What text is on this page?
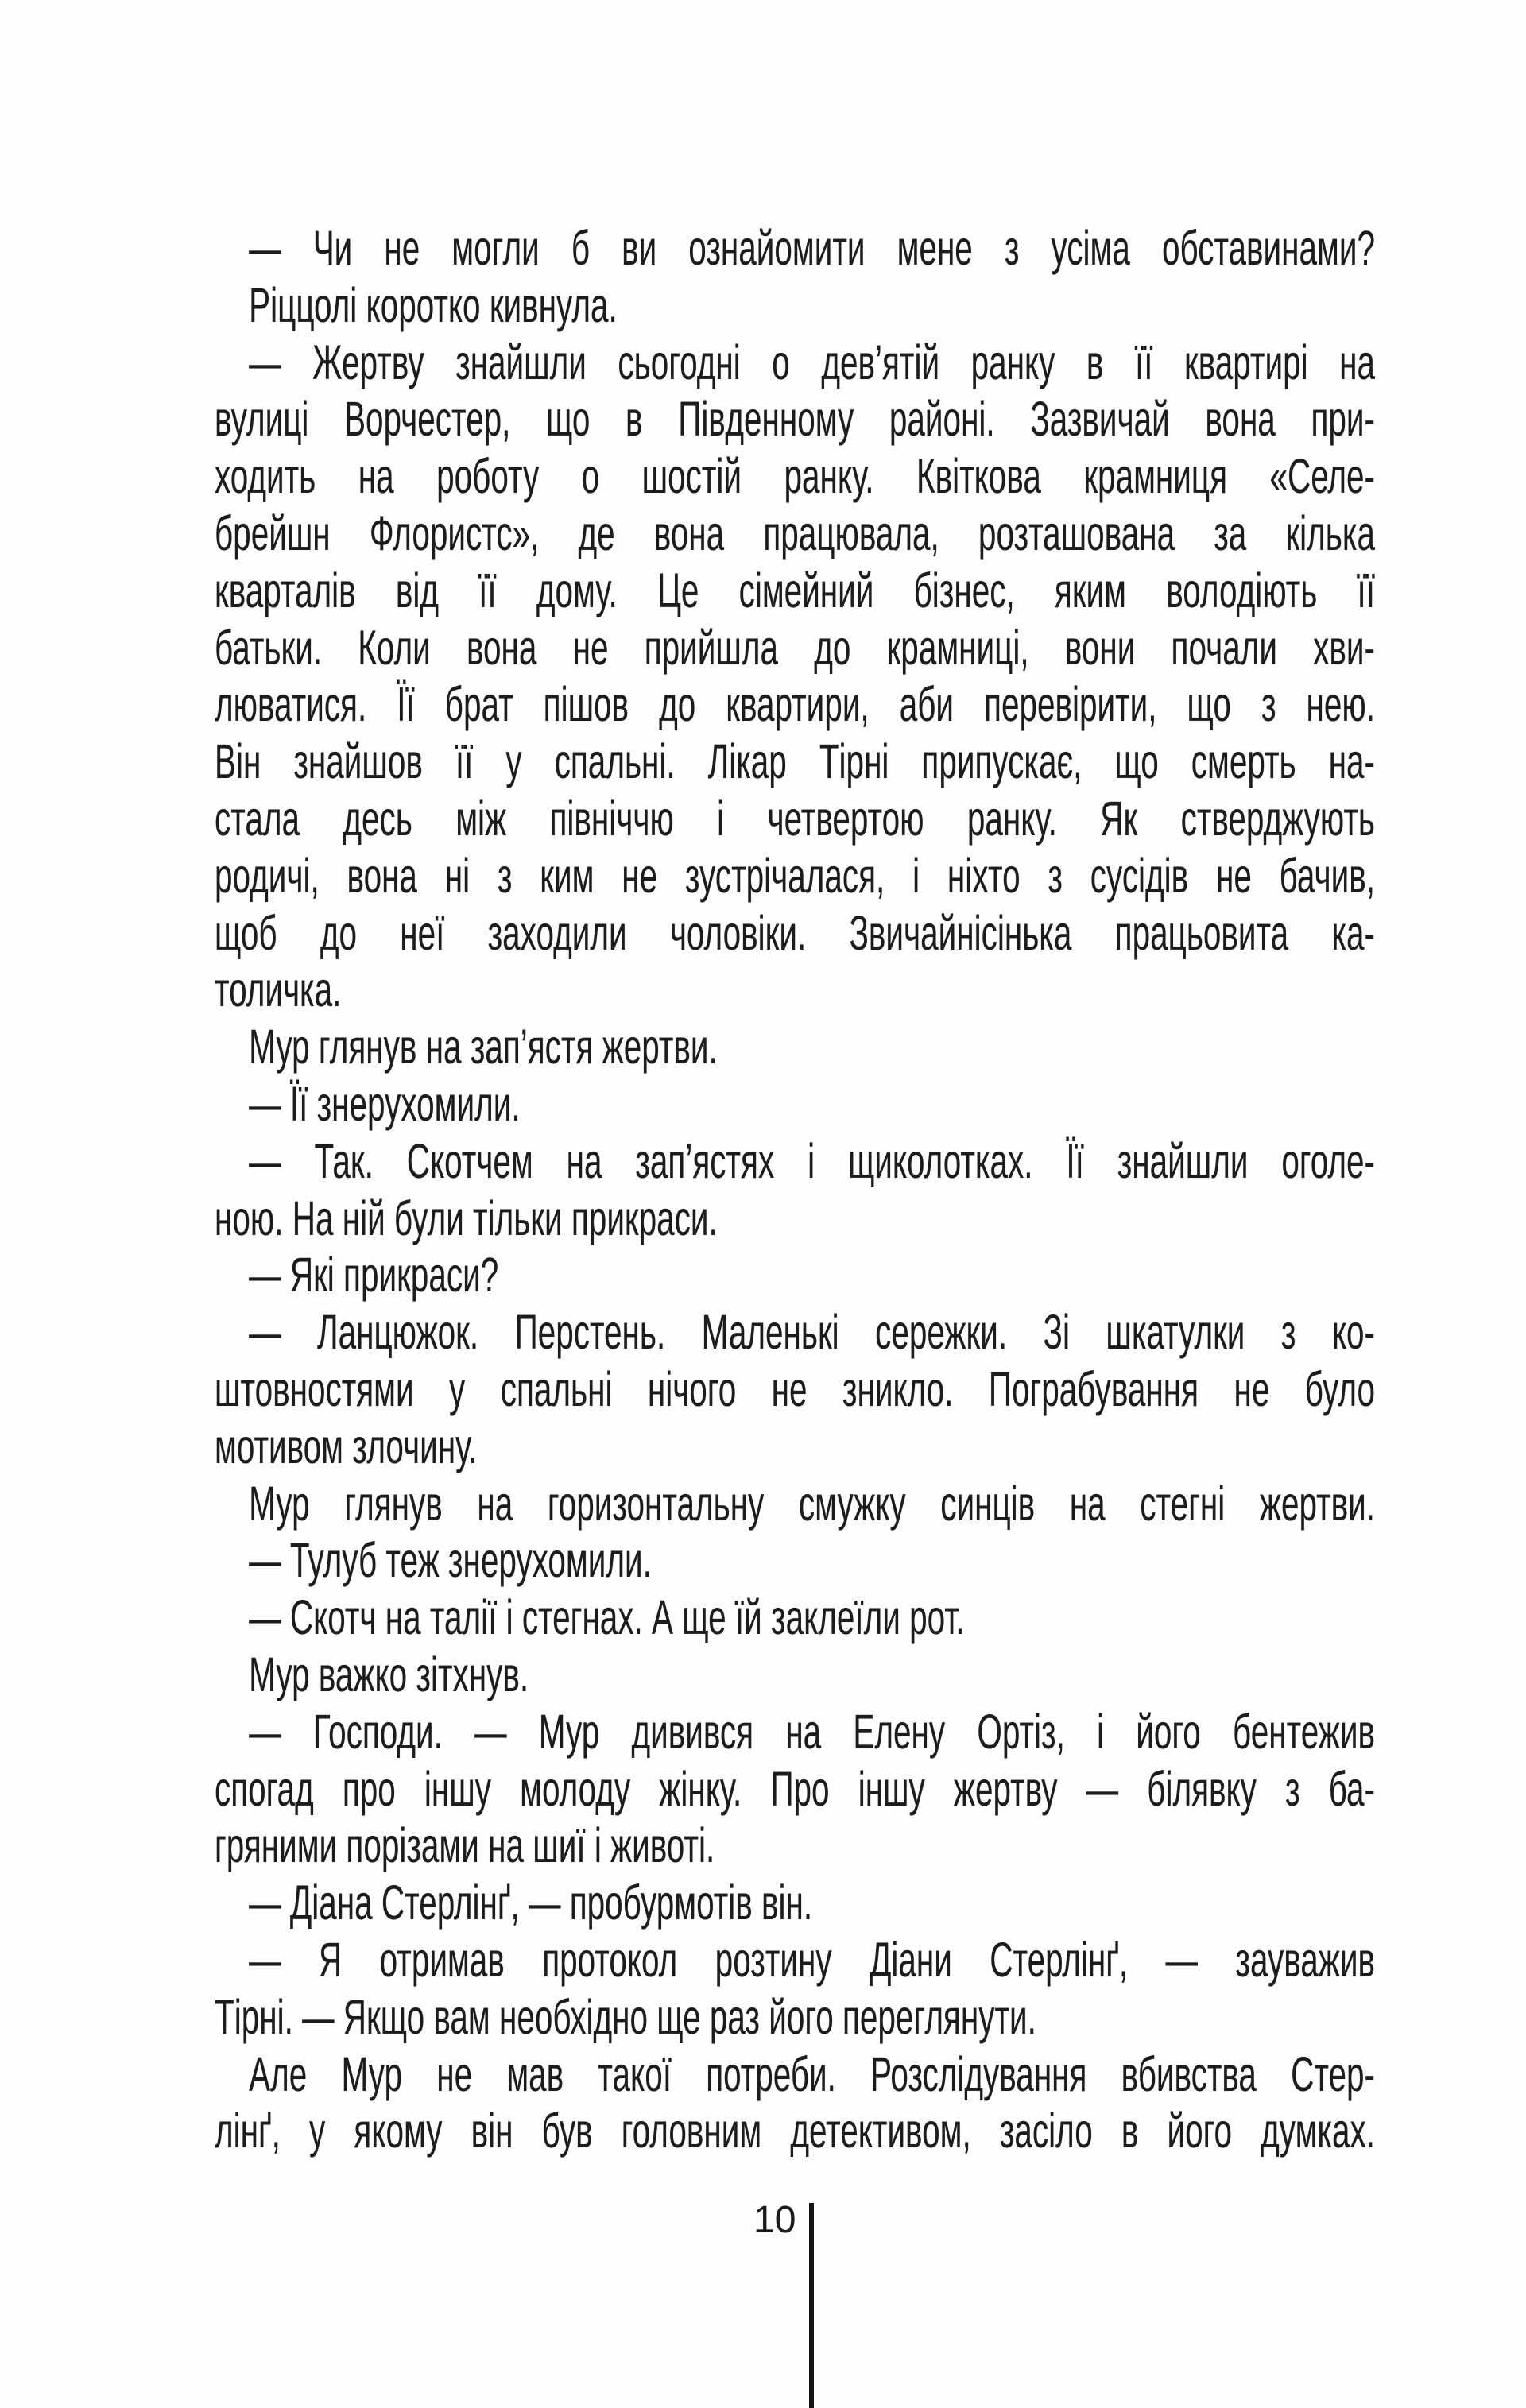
— Чи не могли б ви ознайомити мене з усіма обставинами?
Ріццолі коротко кивнула.
— Жертву знайшли сьогодні о дев’ятій ранку в її квартирі на
вулиці Ворчестер, що в Південному районі. Зазвичай вона при-
ходить на роботу о шостій ранку. Квіткова крамниця «Селе-
брейшн Флористс», де вона працювала, розташована за кілька
кварталів від її дому. Це сімейний бізнес, яким володіють її
батьки. Коли вона не прийшла до крамниці, вони почали хви-
люватися. Її брат пішов до квартири, аби перевірити, що з нею.
Він знайшов її у спальні. Лікар Тірні припускає, що смерть на-
стала десь між північчю і четвертою ранку. Як стверджують
родичі, вона ні з ким не зустрічалася, і ніхто з сусідів не бачив,
щоб до неї заходили чоловіки. Звичайнісінька працьовита ка-
толичка.
Мур глянув на зап’ястя жертви.
— Її знерухомили.
— Так. Скотчем на зап’ястях і щиколотках. Її знайшли оголе-
ною. На ній були тільки прикраси.
— Які прикраси?
— Ланцюжок. Перстень. Маленькі сережки. Зі шкатулки з ко-
штовностями у спальні нічого не зникло. Пограбування не було
мотивом злочину.
Мур глянув на горизонтальну смужку синців на стегні жертви.
— Тулуб теж знерухомили.
— Скотч на талії і стегнах. А ще їй заклеїли рот.
Мур важко зітхнув.
— Господи. — Мур дивився на Елену Ортіз, і його бентежив
спогад про іншу молоду жінку. Про іншу жертву — білявку з ба-
гряними порізами на шиї і животі.
— Діана Стерлінґ, — пробурмотів він.
— Я отримав протокол розтину Діани Стерлінґ, — зауважив
Тірні. — Якщо вам необхідно ще раз його переглянути.
Але Мур не мав такої потреби. Розслідування вбивства Стер-
лінґ, у якому він був головним детективом, засіло в його думках.
10
